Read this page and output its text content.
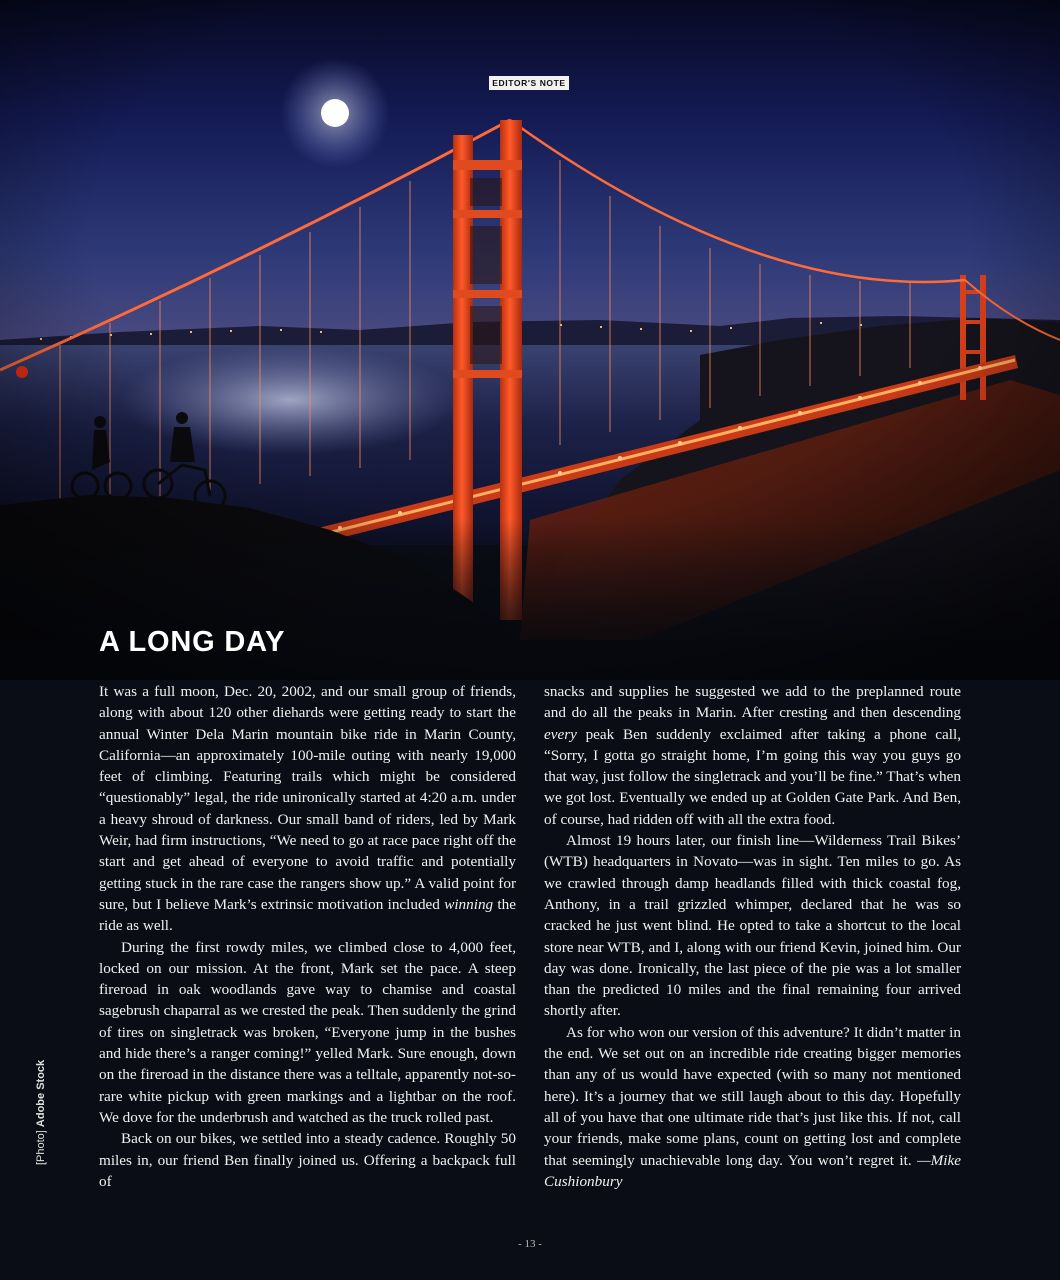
EDITOR'S NOTE
A LONG DAY

It was a full moon, Dec. 20, 2002, and our small group of friends, along with about 120 other diehards were getting ready to start the annual Winter Dela Marin mountain bike ride in Marin County, California—an approximately 100-mile outing with nearly 19,000 feet of climbing. Featuring trails which might be considered “questionably” legal, the ride unironically started at 4:20 a.m. under a heavy shroud of darkness. Our small band of riders, led by Mark Weir, had firm instructions, “We need to go at race pace right off the start and get ahead of everyone to avoid traffic and potentially getting stuck in the rare case the rangers show up.” A valid point for sure, but I believe Mark’s extrinsic motivation included winning the ride as well.

During the first rowdy miles, we climbed close to 4,000 feet, locked on our mission. At the front, Mark set the pace. A steep fireroad in oak woodlands gave way to chamise and coastal sagebrush chaparral as we crested the peak. Then suddenly the grind of tires on singletrack was broken, “Everyone jump in the bushes and hide there’s a ranger coming!” yelled Mark. Sure enough, down on the fireroad in the distance there was a telltale, apparently not-so-rare white pickup with green markings and a lightbar on the roof. We dove for the underbrush and watched as the truck rolled past.

Back on our bikes, we settled into a steady cadence. Roughly 50 miles in, our friend Ben finally joined us. Offering a backpack full of

snacks and supplies he suggested we add to the preplanned route and do all the peaks in Marin. After cresting and then descending every peak Ben suddenly exclaimed after taking a phone call, “Sorry, I gotta go straight home, I’m going this way you guys go that way, just follow the singletrack and you’ll be fine.” That’s when we got lost. Eventually we ended up at Golden Gate Park. And Ben, of course, had ridden off with all the extra food.

Almost 19 hours later, our finish line—Wilderness Trail Bikes’ (WTB) headquarters in Novato—was in sight. Ten miles to go. As we crawled through damp headlands filled with thick coastal fog, Anthony, in a trail grizzled whimper, declared that he was so cracked he just went blind. He opted to take a shortcut to the local store near WTB, and I, along with our friend Kevin, joined him. Our day was done. Ironically, the last piece of the pie was a lot smaller than the predicted 10 miles and the final remaining four arrived shortly after.

As for who won our version of this adventure? It didn’t matter in the end. We set out on an incredible ride creating bigger memories than any of us would have expected (with so many not mentioned here). It’s a journey that we still laugh about to this day. Hopefully all of you have that one ultimate ride that’s just like this. If not, call your friends, make some plans, count on getting lost and complete that seemingly unachievable long day. You won’t regret it. —Mike Cushionbury

[Photo] Adobe Stock
- 13 -
